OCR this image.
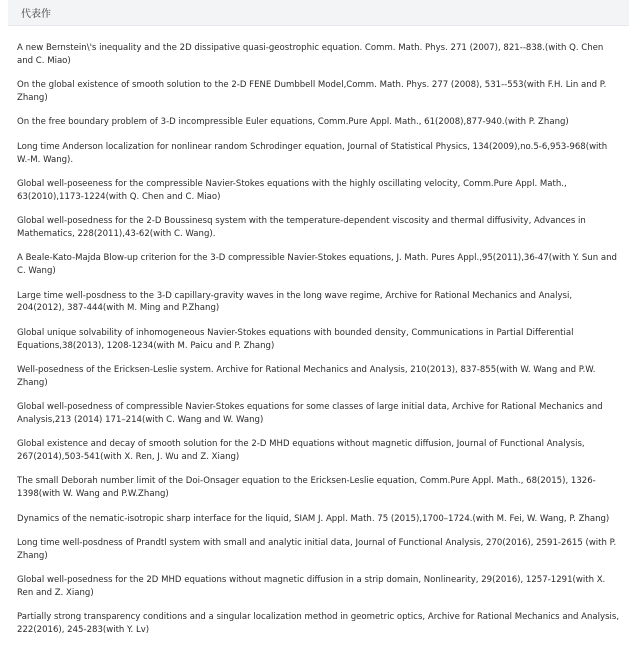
代表作
A new Bernstein\'s inequality and the 2D dissipative quasi-geostrophic equation. Comm. Math. Phys. 271 (2007), 821--838.(with Q. Chen and C. Miao)
On the global existence of smooth solution to the 2-D FENE Dumbbell Model,Comm. Math. Phys. 277 (2008), 531--553(with F.H. Lin and P. Zhang)
On the free boundary problem of 3-D incompressible Euler equations, Comm.Pure Appl. Math., 61(2008),877-940.(with P. Zhang)
Long time Anderson localization for nonlinear random Schrodinger equation, Journal of Statistical Physics, 134(2009),no.5-6,953-968(with W.-M. Wang).
Global well-poseeness for the compressible Navier-Stokes equations with the highly oscillating velocity, Comm.Pure Appl. Math., 63(2010),1173-1224(with Q. Chen and C. Miao)
Global well-posedness for the 2-D Boussinesq system with the temperature-dependent viscosity and thermal diffusivity, Advances in Mathematics, 228(2011),43-62(with C. Wang).
A Beale-Kato-Majda Blow-up criterion for the 3-D compressible Navier-Stokes equations, J. Math. Pures Appl.,95(2011),36-47(with Y. Sun and C. Wang)
Large time well-posdness to the 3-D capillary-gravity waves in the long wave regime, Archive for Rational Mechanics and Analysi, 204(2012), 387-444(with M. Ming and P.Zhang)
Global unique solvability of inhomogeneous Navier-Stokes equations with bounded density, Communications in Partial Differential Equations,38(2013), 1208-1234(with M. Paicu and P. Zhang)
Well-posedness of the Ericksen-Leslie system. Archive for Rational Mechanics and Analysis, 210(2013), 837-855(with W. Wang and P.W. Zhang)
Global well-posedness of compressible Navier-Stokes equations for some classes of large initial data, Archive for Rational Mechanics and Analysis,213 (2014) 171–214(with C. Wang and W. Wang)
Global existence and decay of smooth solution for the 2-D MHD equations without magnetic diffusion, Journal of Functional Analysis, 267(2014),503-541(with X. Ren, J. Wu and Z. Xiang)
The small Deborah number limit of the Doi-Onsager equation to the Ericksen-Leslie equation, Comm.Pure Appl. Math., 68(2015), 1326-1398(with W. Wang and P.W.Zhang)
Dynamics of the nematic-isotropic sharp interface for the liquid, SIAM J. Appl. Math. 75 (2015),1700–1724.(with M. Fei, W. Wang, P. Zhang)
Long time well-posdness of Prandtl system with small and analytic initial data, Journal of Functional Analysis, 270(2016), 2591-2615 (with P. Zhang)
Global well-posedness for the 2D MHD equations without magnetic diffusion in a strip domain, Nonlinearity, 29(2016), 1257-1291(with X. Ren and Z. Xiang)
Partially strong transparency conditions and a singular localization method in geometric optics, Archive for Rational Mechanics and Analysis, 222(2016), 245-283(with Y. Lv)
